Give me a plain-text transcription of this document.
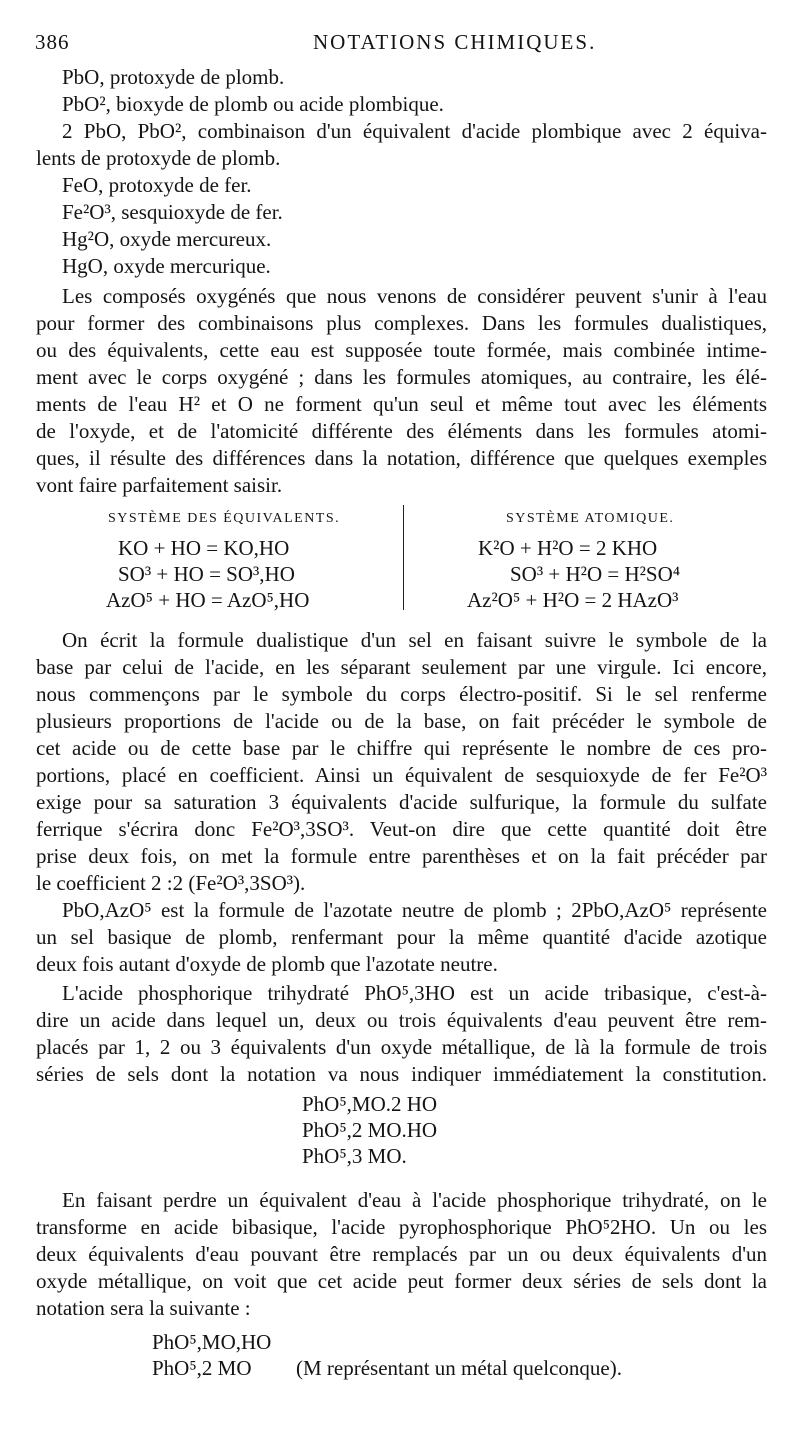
386	NOTATIONS CHIMIQUES.
PbO, protoxyde de plomb.
PbO², bioxyde de plomb ou acide plombique.
2 PbO, PbO², combinaison d'un équivalent d'acide plombique avec 2 équiva-
lents de protoxyde de plomb.
FeO, protoxyde de fer.
Fe²O³, sesquioxyde de fer.
Hg²O, oxyde mercureux.
HgO, oxyde mercurique.
Les composés oxygénés que nous venons de considérer peuvent s'unir à l'eau
pour former des combinaisons plus complexes. Dans les formules dualistiques,
ou des équivalents, cette eau est supposée toute formée, mais combinée intime-
ment avec le corps oxygéné ; dans les formules atomiques, au contraire, les élé-
ments de l'eau H² et O ne forment qu'un seul et même tout avec les éléments
de l'oxyde, et de l'atomicité différente des éléments dans les formules atomi-
ques, il résulte des différences dans la notation, différence que quelques exemples
vont faire parfaitement saisir.
SYSTÈME DES ÉQUIVALENTS.	SYSTÈME ATOMIQUE.
KO + HO = KO,HO
SO³ + HO = SO³,HO
AzO⁵ + HO = AzO⁵,HO
K²O + H²O = 2 KHO
SO³ + H²O = H²SO⁴
Az²O⁵ + H²O = 2 HAzO³
On écrit la formule dualistique d'un sel en faisant suivre le symbole de la
base par celui de l'acide, en les séparant seulement par une virgule. Ici encore,
nous commençons par le symbole du corps électro-positif. Si le sel renferme
plusieurs proportions de l'acide ou de la base, on fait précéder le symbole de
cet acide ou de cette base par le chiffre qui représente le nombre de ces pro-
portions, placé en coefficient. Ainsi un équivalent de sesquioxyde de fer Fe²O³
exige pour sa saturation 3 équivalents d'acide sulfurique, la formule du sulfate
ferrique s'écrira donc Fe²O³,3SO³. Veut-on dire que cette quantité doit être
prise deux fois, on met la formule entre parenthèses et on la fait précéder par
le coefficient 2 :2 (Fe²O³,3SO³).
PbO,AzO⁵ est la formule de l'azotate neutre de plomb ; 2PbO,AzO⁵ représente
un sel basique de plomb, renfermant pour la même quantité d'acide azotique
deux fois autant d'oxyde de plomb que l'azotate neutre.
L'acide phosphorique trihydraté PhO⁵,3HO est un acide tribasique, c'est-à-
dire un acide dans lequel un, deux ou trois équivalents d'eau peuvent être rem-
placés par 1, 2 ou 3 équivalents d'un oxyde métallique, de là la formule de trois
séries de sels dont la notation va nous indiquer immédiatement la constitution.
PhO⁵,MO.2 HO
PhO⁵,2 MO.HO
PhO⁵,3 MO.
En faisant perdre un équivalent d'eau à l'acide phosphorique trihydraté, on le
transforme en acide bibasique, l'acide pyrophosphorique PhO⁵2HO. Un ou les
deux équivalents d'eau pouvant être remplacés par un ou deux équivalents d'un
oxyde métallique, on voit que cet acide peut former deux séries de sels dont la
notation sera la suivante :
PhO⁵,MO,HO
PhO⁵,2 MO (M représentant un métal quelconque).
